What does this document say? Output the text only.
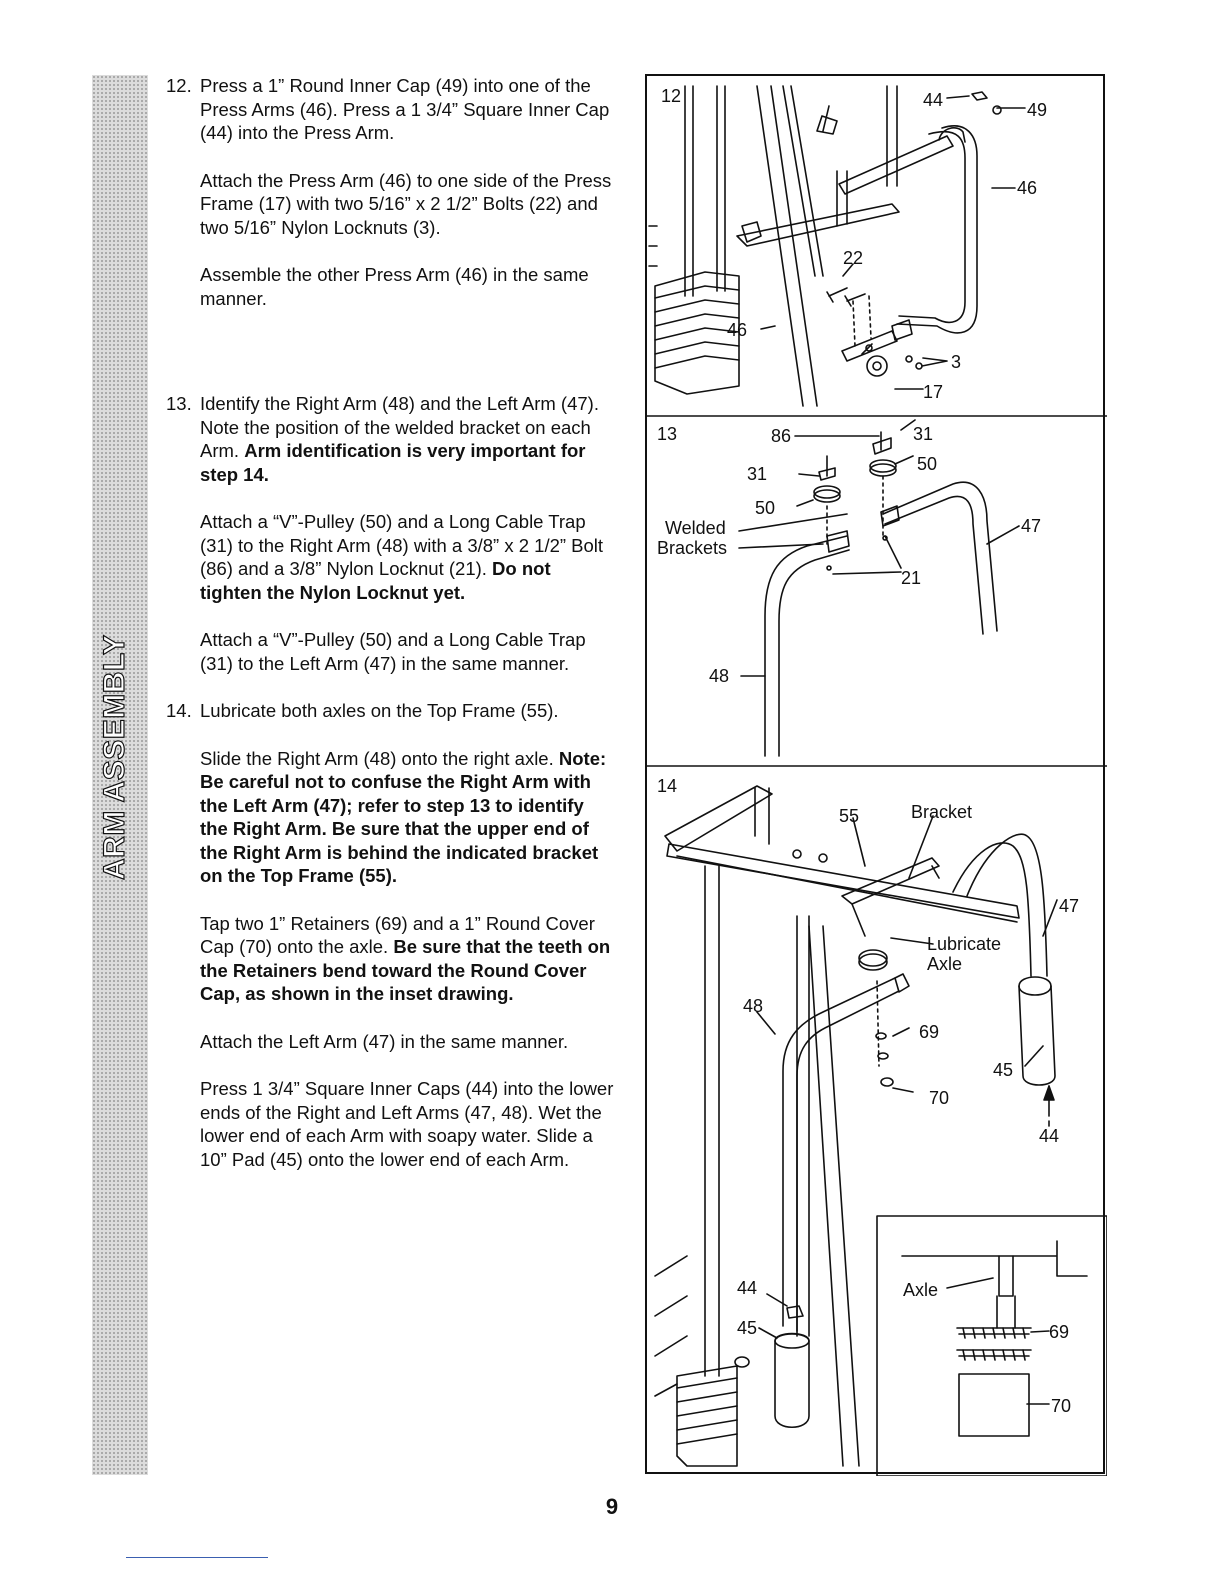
ARM ASSEMBLY
12. Press a 1” Round Inner Cap (49) into one of the Press Arms (46). Press a 1 3/4” Square Inner Cap (44) into the Press Arm.

Attach the Press Arm (46) to one side of the Press Frame (17) with two 5/16” x 2 1/2” Bolts (22) and two 5/16” Nylon Locknuts (3).

Assemble the other Press Arm (46) in the same manner.

13. Identify the Right Arm (48) and the Left Arm (47). Note the position of the welded bracket on each Arm. Arm identification is very important for step 14.

Attach a “V”-Pulley (50) and a Long Cable Trap (31) to the Right Arm (48) with a 3/8” x 2 1/2” Bolt (86) and a 3/8” Nylon Locknut (21). Do not tighten the Nylon Locknut yet.

Attach a “V”-Pulley (50) and a Long Cable Trap (31) to the Left Arm (47) in the same manner.

14. Lubricate both axles on the Top Frame (55).

Slide the Right Arm (48) onto the right axle. Note: Be careful not to confuse the Right Arm with the Left Arm (47); refer to step 13 to identify the Right Arm. Be sure that the upper end of the Right Arm is behind the indicated bracket on the Top Frame (55).

Tap two 1” Retainers (69) and a 1” Round Cover Cap (70) onto the axle. Be sure that the teeth on the Retainers bend toward the Round Cover Cap, as shown in the inset drawing.

Attach the Left Arm (47) in the same manner.

Press 1 3/4” Square Inner Caps (44) into the lower ends of the Right and Left Arms (47, 48). Wet the lower end of each Arm with soapy water. Slide a 10” Pad (45) onto the lower end of each Arm.

12	44	49
46
22
46
3
17
13	86	31
31
50
50
47
21
48
Welded
Brackets
14
55	Bracket
47
Lubricate
Axle
48
69
70
45
44
44
45
Axle
69
70
9
